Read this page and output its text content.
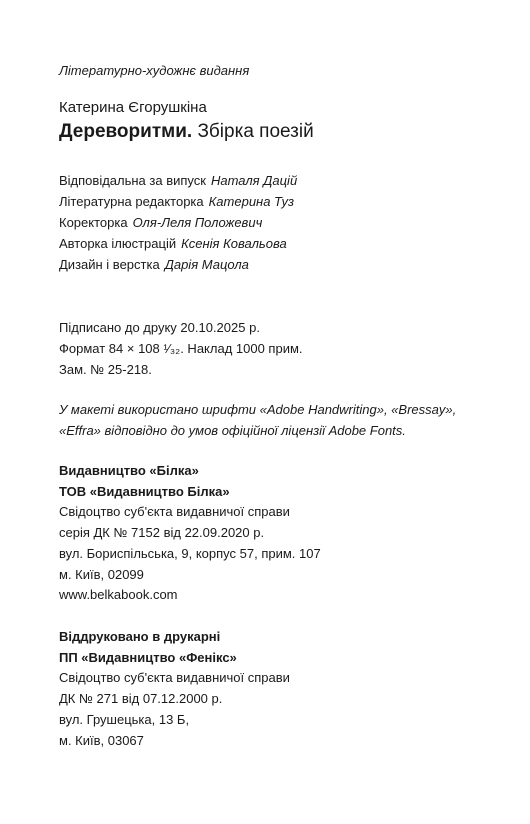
Літературно-художнє видання
Катерина Єгорушкіна
Дереворитми. Збірка поезій
Відповідальна за випуск Наталя Дацій
Літературна редакторка Катерина Туз
Коректорка Оля-Леля Положевич
Авторка ілюстрацій Ксенія Ковальова
Дизайн і верстка Дарія Мацола
Підписано до друку 20.10.2025 р.
Формат 84 × 108 ¹⁄₃₂. Наклад 1000 прим.
Зам. № 25-218.
У макеті використано шрифти «Adobe Handwriting», «Bressay»,
«Effra» відповідно до умов офіційної ліцензії Adobe Fonts.
Видавництво «Білка»
ТОВ «Видавництво Білка»
Свідоцтво суб'єкта видавничої справи
серія ДК № 7152 від 22.09.2020 р.
вул. Бориспільська, 9, корпус 57, прим. 107
м. Київ, 02099
www.belkabook.com
Віддруковано в друкарні
ПП «Видавництво «Фенікс»
Свідоцтво суб'єкта видавничої справи
ДК № 271 від 07.12.2000 р.
вул. Грушецька, 13 Б,
м. Київ, 03067
